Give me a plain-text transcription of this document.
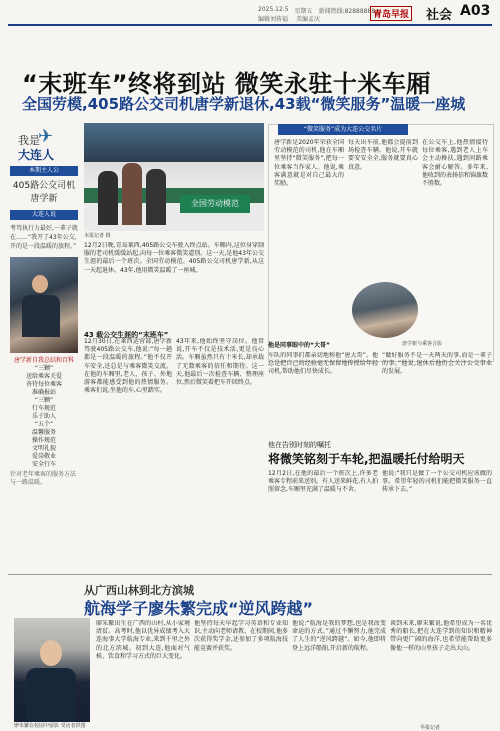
2025.12.5 星期五 新闻热线:82888888
编辑刘传福 美编孟庆	青岛早报 社会 A03
“末班车”终将到站 微笑永驻十米车厢
全国劳模,405路公交司机唐学新退休,43载“微笑服务”温暖一座城
✈
我是
大连人
本期主人公
405路公交司机
唐学新
大连人说
考驾执行力最好,一辈子就在……“我开了43年公交,开的是一段温暖的旅程。”
唐学新自我总结和百科
“三颗”
送给乘客关爱
善待每位乘客
准确报站
“三颗”
行车规范
乐于助人
“五个”
温馨服务
操作规范
文明礼貌
爱岗敬业
安全行车
针对老年乘客的服务方法与一路温暖。
全国劳动模范
本报记者 摄
12月2日晚,青岛莱西,405路公交车驶入终点站。车厢内,这位身穿制服的老司机缓缓站起,向每一位乘客微笑道别。这一天,是他43年公交生涯的最后一个班次。全国劳动模范、405路公交司机唐学新,从这一天起退休。43年,他用微笑温暖了一座城。
43 载公交生涯的“末班车”
12月30日,在莱西运营部,唐学新驾驶405路公交车,他说:“每一趟都是一段温暖的旅程。”他不仅开车安全,还总是与乘客微笑交流。在他的车厢里,老人、孩子、外地游客都能感受到他的热情服务。乘客们说,坐他的车,心里踏实。
43年来,他始终坚守岗位。他常说,开车不仅是技术活,更是良心活。车厢虽然只有十米长,却承载了无数乘客的信任和期待。这一天,他最后一次检查车辆、整理座位,然后微笑着把车开回终点。
“微笑服务”成为大连公交名片
唐学新是2020年荣获全国劳动模范的司机,他在车厢里坚持“微笑服务”,把每一位乘客当作家人。他说,乘客满意就是对自己最大的奖励。
每天出车前,他都会提前到场检查车辆。他说,开车就要安安全全,服务就要真心真意。
在公交车上,他热情接待每位乘客,遇到老人上车会主动搀扶,遇到问路乘客会耐心解答。多年来,他收到的表扬信和锦旗数不胜数。
唐学新与乘客合影
他是同事眼中的“大哥”
车队的同事们都亲切地称他“唐大哥”。他总是把自己的经验毫无保留地传授给年轻司机,帮助他们尽快成长。
“做好服务不是一天两天的事,而是一辈子的事。”他说,退休后他仍会关注公交事业的发展。
他在告别时刻的嘱托
将微笑铭刻于车轮,把温暖托付给明天
12月2日,在他的最后一个班次上,许多老乘客专程前来送别。有人送来鲜花,有人拍照留念,车厢里充满了温暖与不舍。
他说:“我只是做了一个公交司机应该做的事。希望年轻的司机们能把微笑服务一直传承下去。”
从广西山林到北方滨城
航海学子廖朱繁完成“逆风跨越”
廖朱繁在校园中留影 受访者供图
廖朱繁出生在广西的山村,从小家境清贫。高考时,他以优异成绩考入大连海事大学航海专业,来到千里之外的北方滨城。初到大连,他面对气候、饮食和学习方式的巨大变化。
他坚持每天早起学习英语和专业知识,主动向老师请教。在校期间,他多次获得奖学金,还参加了多项航海技能竞赛并获奖。
他说:“航海是我的梦想,也是我改变命运的方式。”通过不懈努力,他完成了人生的“逆风跨越”。如今,他即将登上远洋船舶,开启新的航程。
谈到未来,廖朱繁说,他希望成为一名优秀的船长,把在大连学到的知识和精神带向更广阔的海洋,也希望能帮助更多像他一样的山里孩子走出大山。
早报记者
